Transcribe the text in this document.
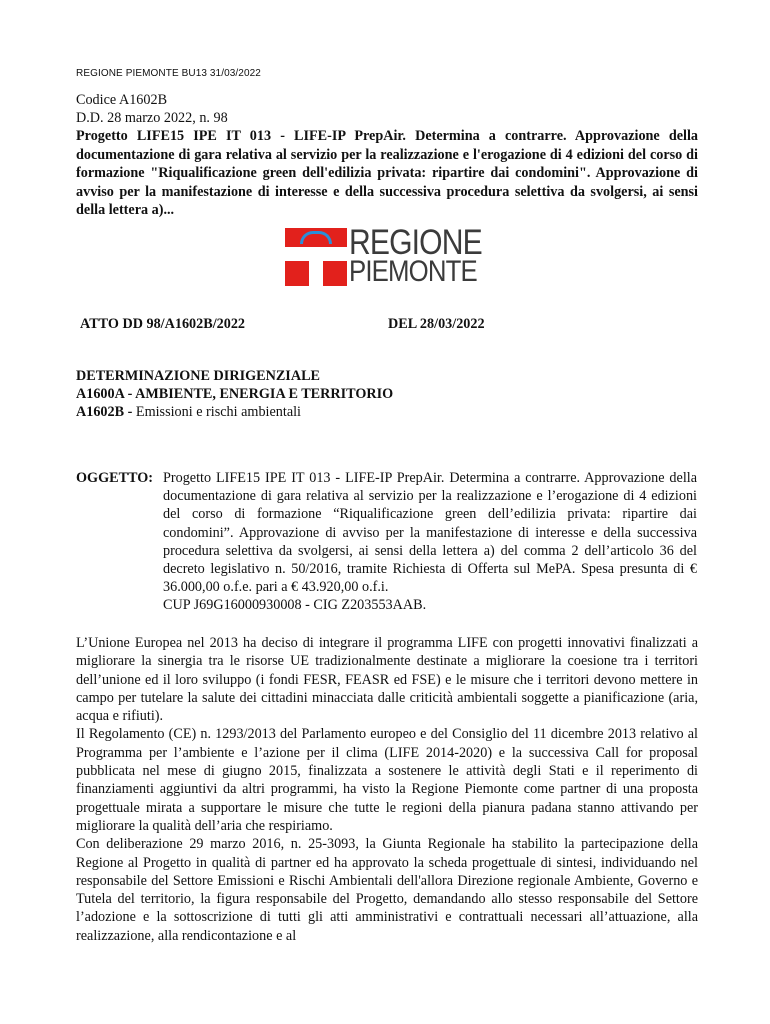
REGIONE PIEMONTE BU13 31/03/2022
Codice A1602B
D.D. 28 marzo 2022, n. 98
Progetto LIFE15 IPE IT 013 - LIFE-IP PrepAir. Determina a contrarre. Approvazione della documentazione di gara relativa al servizio per la realizzazione e l'erogazione di 4 edizioni del corso di formazione "Riqualificazione green dell'edilizia privata: ripartire dai condomini". Approvazione di avviso per la manifestazione di interesse e della successiva procedura selettiva da svolgersi, ai sensi della lettera a)...
REGIONE
PIEMONTE
ATTO DD 98/A1602B/2022	DEL 28/03/2022
DETERMINAZIONE DIRIGENZIALE
A1600A - AMBIENTE, ENERGIA E TERRITORIO
A1602B - Emissioni e rischi ambientali
OGGETTO: Progetto LIFE15 IPE IT 013 - LIFE-IP PrepAir. Determina a contrarre. Approvazione della documentazione di gara relativa al servizio per la realizzazione e l’erogazione di 4 edizioni del corso di formazione “Riqualificazione green dell’edilizia privata: ripartire dai condomini”. Approvazione di avviso per la manifestazione di interesse e della successiva procedura selettiva da svolgersi, ai sensi della lettera a) del comma 2 dell’articolo 36 del decreto legislativo n. 50/2016, tramite Richiesta di Offerta sul MePA. Spesa presunta di € 36.000,00 o.f.e. pari a € 43.920,00 o.f.i.
CUP J69G16000930008 - CIG Z203553AAB.

L’Unione Europea nel 2013 ha deciso di integrare il programma LIFE con progetti innovativi finalizzati a migliorare la sinergia tra le risorse UE tradizionalmente destinate a migliorare la coesione tra i territori dell’unione ed il loro sviluppo (i fondi FESR, FEASR ed FSE) e le misure che i territori devono mettere in campo per tutelare la salute dei cittadini minacciata dalle criticità ambientali soggette a pianificazione (aria, acqua e rifiuti).

Il Regolamento (CE) n. 1293/2013 del Parlamento europeo e del Consiglio del 11 dicembre 2013 relativo al Programma per l’ambiente e l’azione per il clima (LIFE 2014-2020) e la successiva Call for proposal pubblicata nel mese di giugno 2015, finalizzata a sostenere le attività degli Stati e il reperimento di finanziamenti aggiuntivi da altri programmi, ha visto la Regione Piemonte come partner di una proposta progettuale mirata a supportare le misure che tutte le regioni della pianura padana stanno attivando per migliorare la qualità dell’aria che respiriamo.

Con deliberazione 29 marzo 2016, n. 25-3093, la Giunta Regionale ha stabilito la partecipazione della Regione al Progetto in qualità di partner ed ha approvato la scheda progettuale di sintesi, individuando nel responsabile del Settore Emissioni e Rischi Ambientali dell'allora Direzione regionale Ambiente, Governo e Tutela del territorio, la figura responsabile del Progetto, demandando allo stesso responsabile del Settore l’adozione e la sottoscrizione di tutti gli atti amministrativi e contrattuali necessari all’attuazione, alla realizzazione, alla rendicontazione e al
